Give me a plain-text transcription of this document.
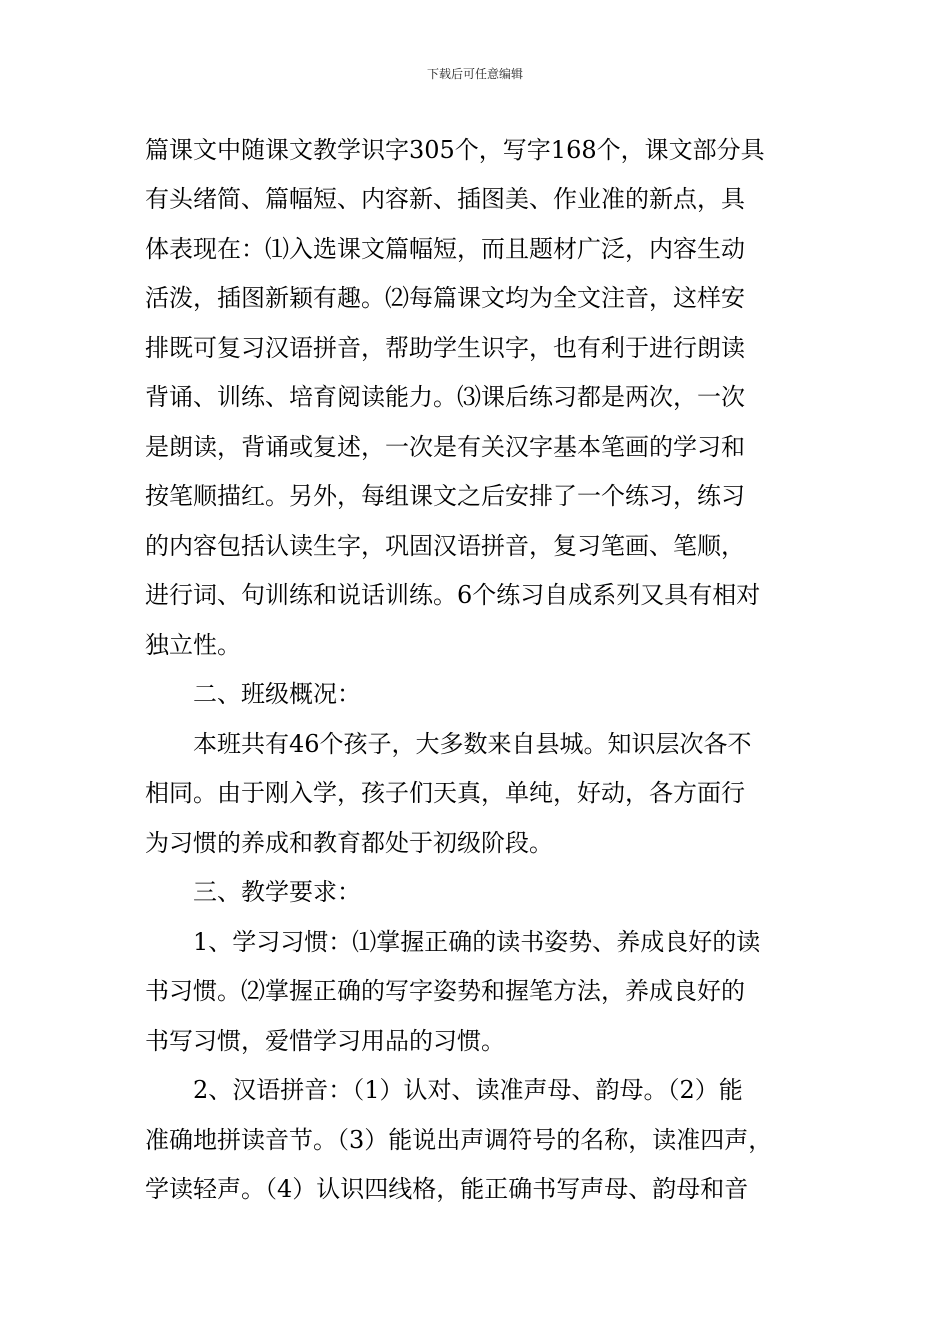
下载后可任意编辑
篇课文中随课文教学识字305个，写字168个，课文部分具
有头绪简、篇幅短、内容新、插图美、作业准的新点，具
体表现在：⑴入选课文篇幅短，而且题材广泛，内容生动
活泼，插图新颖有趣。⑵每篇课文均为全文注音，这样安
排既可复习汉语拼音，帮助学生识字，也有利于进行朗读
背诵、训练、培育阅读能力。⑶课后练习都是两次，一次
是朗读，背诵或复述，一次是有关汉字基本笔画的学习和
按笔顺描红。另外，每组课文之后安排了一个练习，练习
的内容包括认读生字，巩固汉语拼音，复习笔画、笔顺，
进行词、句训练和说话训练。6个练习自成系列又具有相对
独立性。
　　二、班级概况：
　　本班共有46个孩子，大多数来自县城。知识层次各不
相同。由于刚入学，孩子们天真，单纯，好动，各方面行
为习惯的养成和教育都处于初级阶段。
　　三、教学要求：
　　1、学习习惯：⑴掌握正确的读书姿势、养成良好的读
书习惯。⑵掌握正确的写字姿势和握笔方法，养成良好的
书写习惯，爱惜学习用品的习惯。
　　2、汉语拼音：（1）认对、读准声母、韵母。（2）能
准确地拼读音节。（3）能说出声调符号的名称，读准四声，
学读轻声。（4）认识四线格，能正确书写声母、韵母和音
